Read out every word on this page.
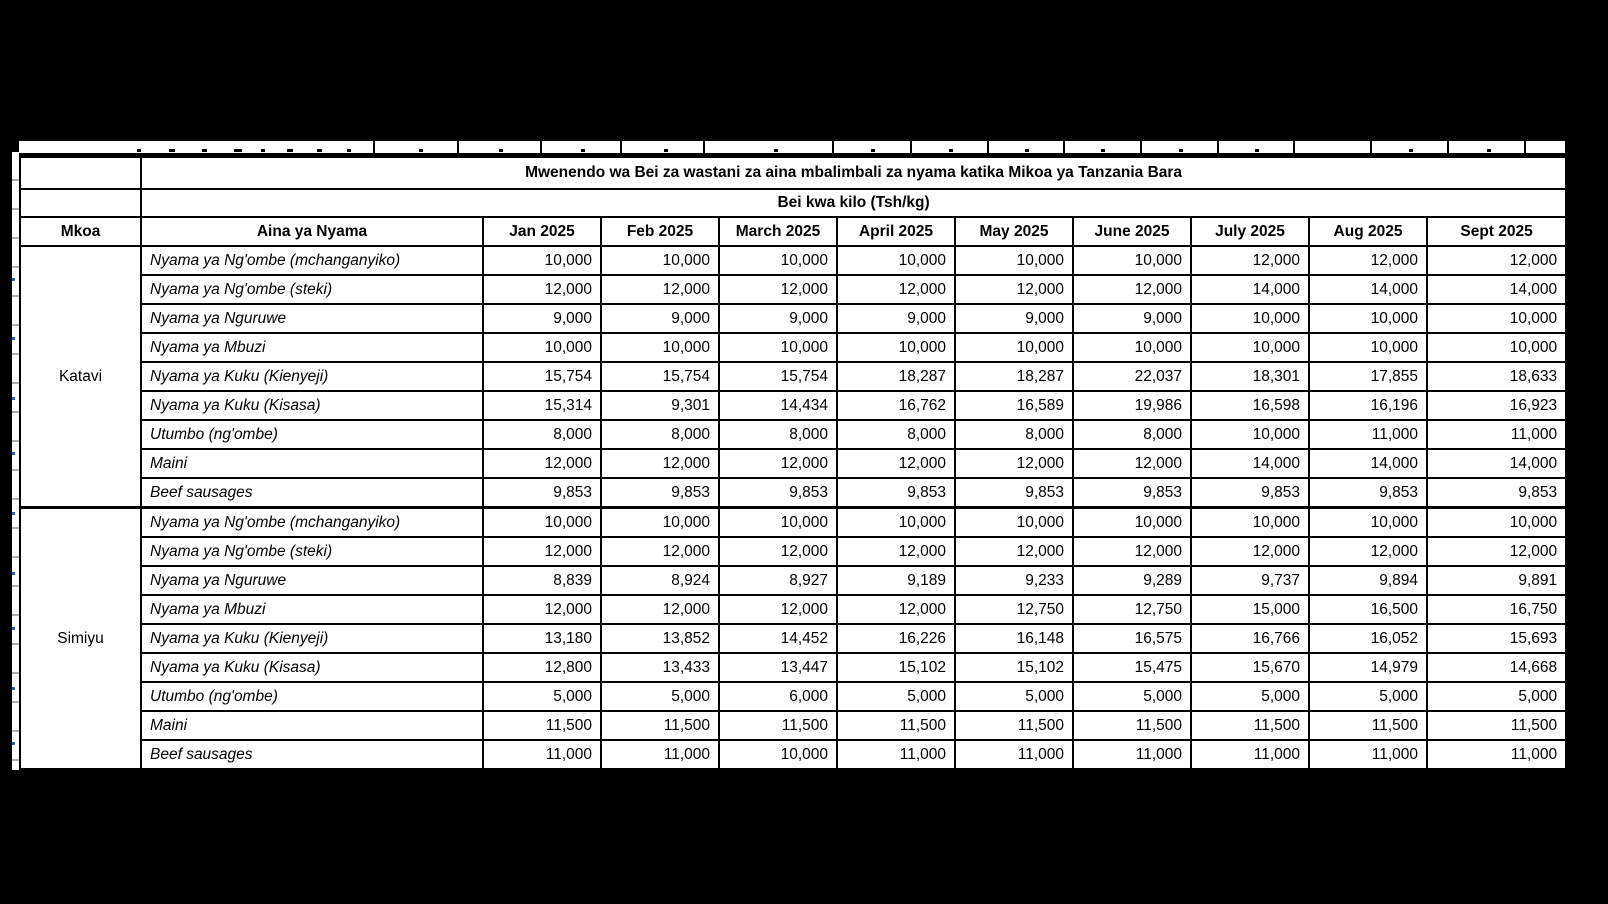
	Mwenendo wa Bei za wastani za aina mbalimbali za nyama katika Mikoa ya Tanzania Bara									
	Bei kwa kilo (Tsh/kg)									
Mkoa	Aina ya Nyama	Jan 2025	Feb 2025	March 2025	April 2025	May 2025	June 2025	July 2025	Aug 2025	Sept 2025
Katavi	Nyama ya Ng'ombe (mchanganyiko)	10,000	10,000	10,000	10,000	10,000	10,000	12,000	12,000	12,000
	Nyama ya Ng'ombe (steki)	12,000	12,000	12,000	12,000	12,000	12,000	14,000	14,000	14,000
	Nyama ya Nguruwe	9,000	9,000	9,000	9,000	9,000	9,000	10,000	10,000	10,000
	Nyama ya Mbuzi	10,000	10,000	10,000	10,000	10,000	10,000	10,000	10,000	10,000
	Nyama ya Kuku (Kienyeji)	15,754	15,754	15,754	18,287	18,287	22,037	18,301	17,855	18,633
	Nyama ya Kuku (Kisasa)	15,314	9,301	14,434	16,762	16,589	19,986	16,598	16,196	16,923
	Utumbo (ng'ombe)	8,000	8,000	8,000	8,000	8,000	8,000	10,000	11,000	11,000
	Maini	12,000	12,000	12,000	12,000	12,000	12,000	14,000	14,000	14,000
	Beef sausages	9,853	9,853	9,853	9,853	9,853	9,853	9,853	9,853	9,853
Simiyu	Nyama ya Ng'ombe (mchanganyiko)	10,000	10,000	10,000	10,000	10,000	10,000	10,000	10,000	10,000
	Nyama ya Ng'ombe (steki)	12,000	12,000	12,000	12,000	12,000	12,000	12,000	12,000	12,000
	Nyama ya Nguruwe	8,839	8,924	8,927	9,189	9,233	9,289	9,737	9,894	9,891
	Nyama ya Mbuzi	12,000	12,000	12,000	12,000	12,750	12,750	15,000	16,500	16,750
	Nyama ya Kuku (Kienyeji)	13,180	13,852	14,452	16,226	16,148	16,575	16,766	16,052	15,693
	Nyama ya Kuku (Kisasa)	12,800	13,433	13,447	15,102	15,102	15,475	15,670	14,979	14,668
	Utumbo (ng'ombe)	5,000	5,000	6,000	5,000	5,000	5,000	5,000	5,000	5,000
	Maini	11,500	11,500	11,500	11,500	11,500	11,500	11,500	11,500	11,500
	Beef sausages	11,000	11,000	10,000	11,000	11,000	11,000	11,000	11,000	11,000
